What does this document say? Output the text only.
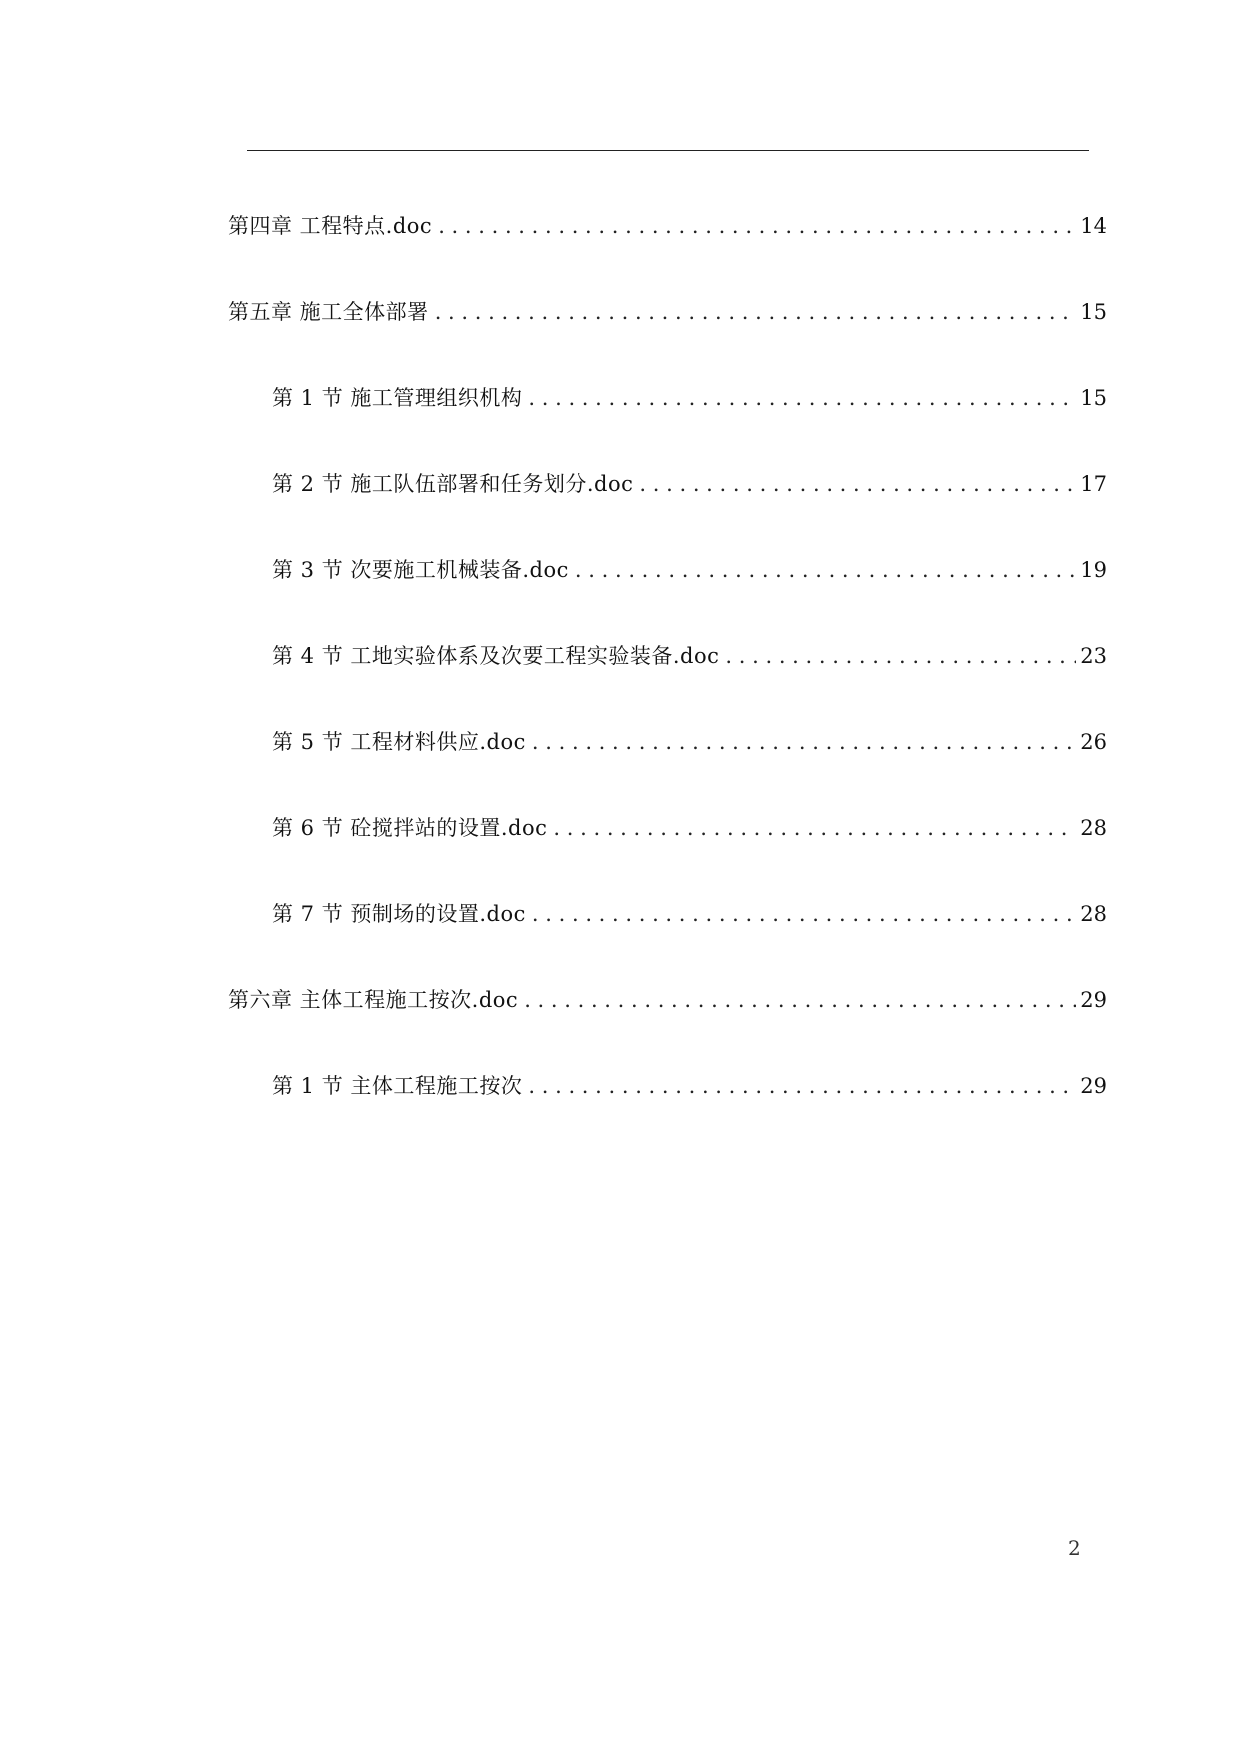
第四章 工程特点.doc . . .	14
第五章 施工全体部署 . . .	15
第 1 节 施工管理组织机构 . . .	15
第 2 节 施工队伍部署和任务划分.doc . . .	17
第 3 节 次要施工机械装备.doc . . .	19
第 4 节 工地实验体系及次要工程实验装备.doc . . .	23
第 5 节 工程材料供应.doc . . .	26
第 6 节 砼搅拌站的设置.doc . . .	28
第 7 节 预制场的设置.doc . . .	28
第六章 主体工程施工按次.doc . . .	29
第 1 节 主体工程施工按次 . . .	29
2
